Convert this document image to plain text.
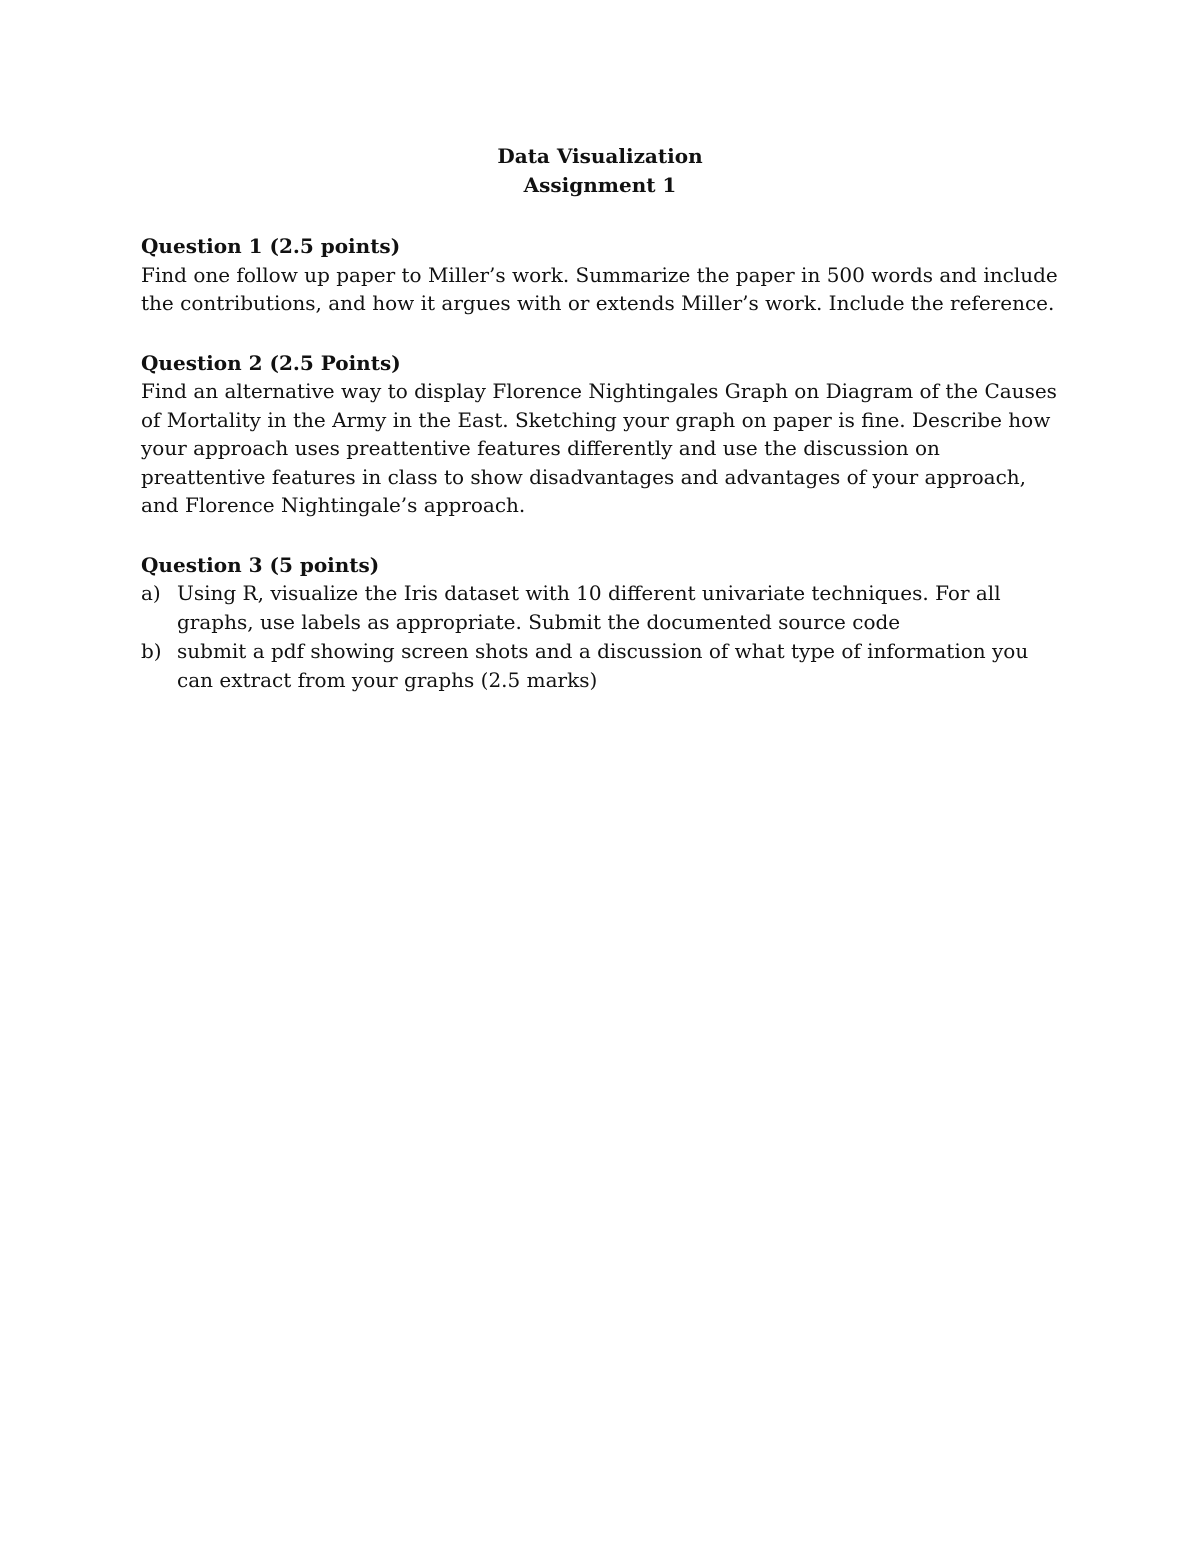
Data Visualization
Assignment 1
Question 1 (2.5 points)
Find one follow up paper to Miller’s work. Summarize the paper in 500 words and include the contributions, and how it argues with or extends Miller’s work. Include the reference.
Question 2 (2.5 Points)
Find an alternative way to display Florence Nightingales Graph on Diagram of the Causes of Mortality in the Army in the East. Sketching your graph on paper is fine. Describe how your approach uses preattentive features differently and use the discussion on preattentive features in class to show disadvantages and advantages of your approach, and Florence Nightingale’s approach.
Question 3 (5 points)
a) Using R, visualize the Iris dataset with 10 different univariate techniques. For all graphs, use labels as appropriate. Submit the documented source code
b) submit a pdf showing screen shots and a discussion of what type of information you can extract from your graphs (2.5 marks)
